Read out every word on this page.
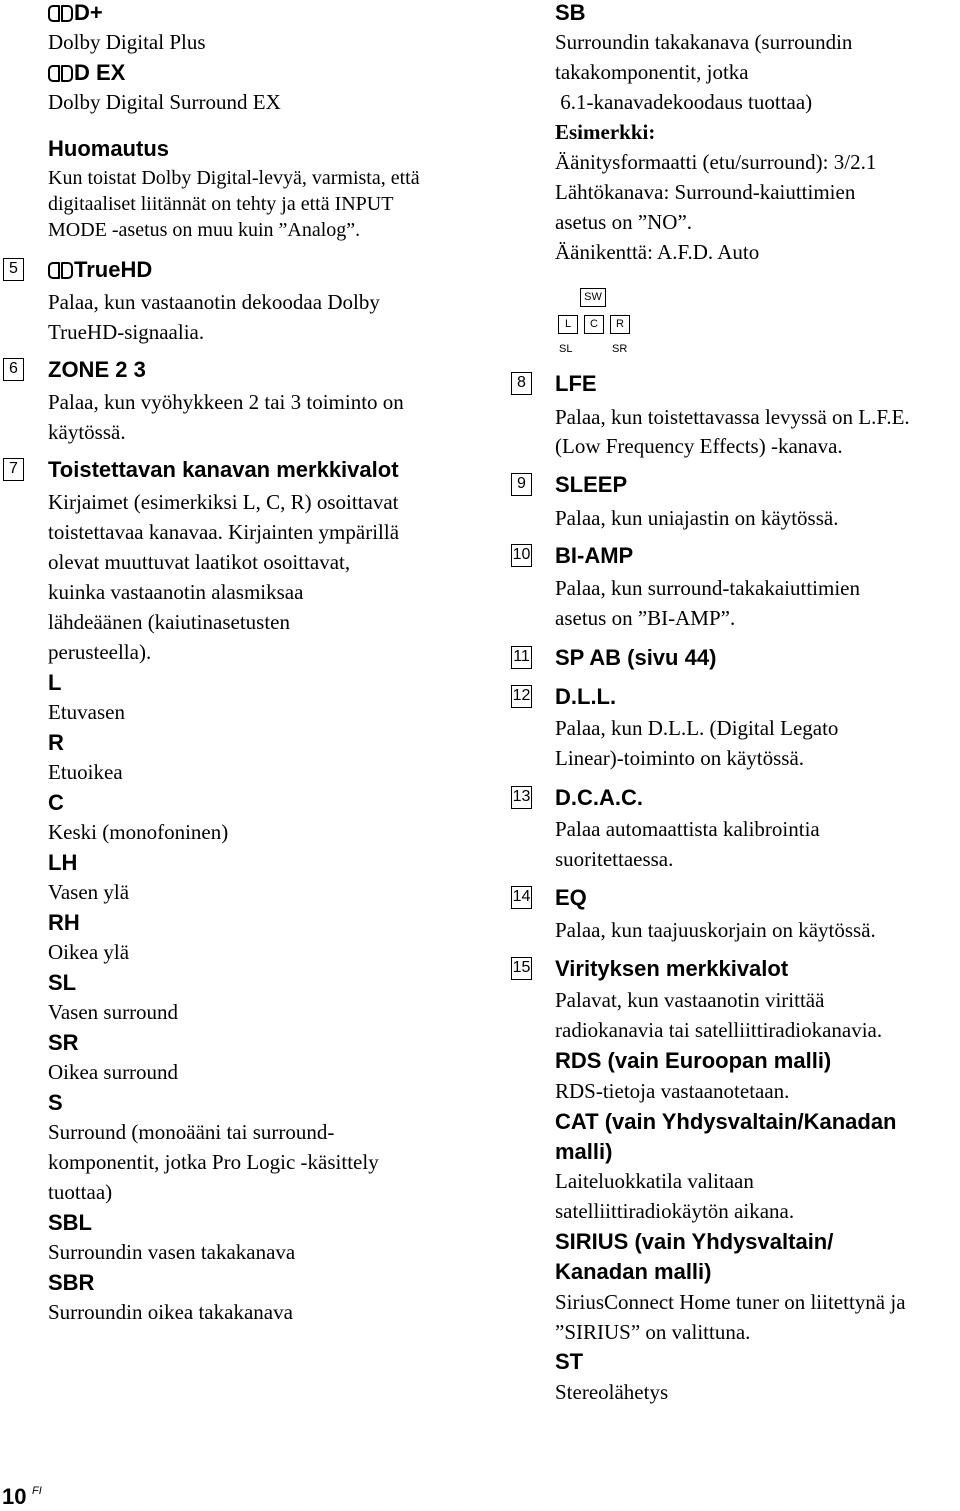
D+
Dolby Digital Plus
D EX
Dolby Digital Surround EX
Huomautus
Kun toistat Dolby Digital-levyä, varmista, että
digitaaliset liitännät on tehty ja että INPUT
MODE -asetus on muu kuin ”Analog”.
5	TrueHD
Palaa, kun vastaanotin dekoodaa Dolby
TrueHD-signaalia.
6 ZONE 2 3
Palaa, kun vyöhykkeen 2 tai 3 toiminto on
käytössä.
7 Toistettavan kanavan merkkivalot
Kirjaimet (esimerkiksi L, C, R) osoittavat
toistettavaa kanavaa. Kirjainten ympärillä
olevat muuttuvat laatikot osoittavat,
kuinka vastaanotin alasmiksaa
lähdeäänen (kaiutinasetusten
perusteella).
L
Etuvasen
R
Etuoikea
C
Keski (monofoninen)
LH
Vasen ylä
RH
Oikea ylä
SL
Vasen surround
SR
Oikea surround
S
Surround (monoääni tai surround-
komponentit, jotka Pro Logic -käsittely
tuottaa)
SBL
Surroundin vasen takakanava
SBR
Surroundin oikea takakanava
SB
Surroundin takakanava (surroundin
takakomponentit, jotka
6.1-kanavadekoodaus tuottaa)
Esimerkki:
Äänitysformaatti (etu/surround): 3/2.1
Lähtökanava: Surround-kaiuttimien
asetus on ”NO”.
Äänikenttä: A.F.D. Auto
SW
L	C	R
SL	SR
8 LFE
Palaa, kun toistettavassa levyssä on L.F.E.
(Low Frequency Effects) -kanava.
9 SLEEP
Palaa, kun uniajastin on käytössä.
10 BI-AMP
Palaa, kun surround-takakaiuttimien
asetus on ”BI-AMP”.
11 SP AB (sivu 44)
12 D.L.L.
Palaa, kun D.L.L. (Digital Legato
Linear)-toiminto on käytössä.
13 D.C.A.C.
Palaa automaattista kalibrointia
suoritettaessa.
14 EQ
Palaa, kun taajuuskorjain on käytössä.
15 Virityksen merkkivalot
Palavat, kun vastaanotin virittää
radiokanavia tai satelliittiradiokanavia.
RDS (vain Euroopan malli)
RDS-tietoja vastaanotetaan.
CAT (vain Yhdysvaltain/Kanadan
malli)
Laiteluokkatila valitaan
satelliittiradiokäytön aikana.
SIRIUS (vain Yhdysvaltain/
Kanadan malli)
SiriusConnect Home tuner on liitettynä ja
”SIRIUS” on valittuna.
ST
Stereolähetys
10 FI
